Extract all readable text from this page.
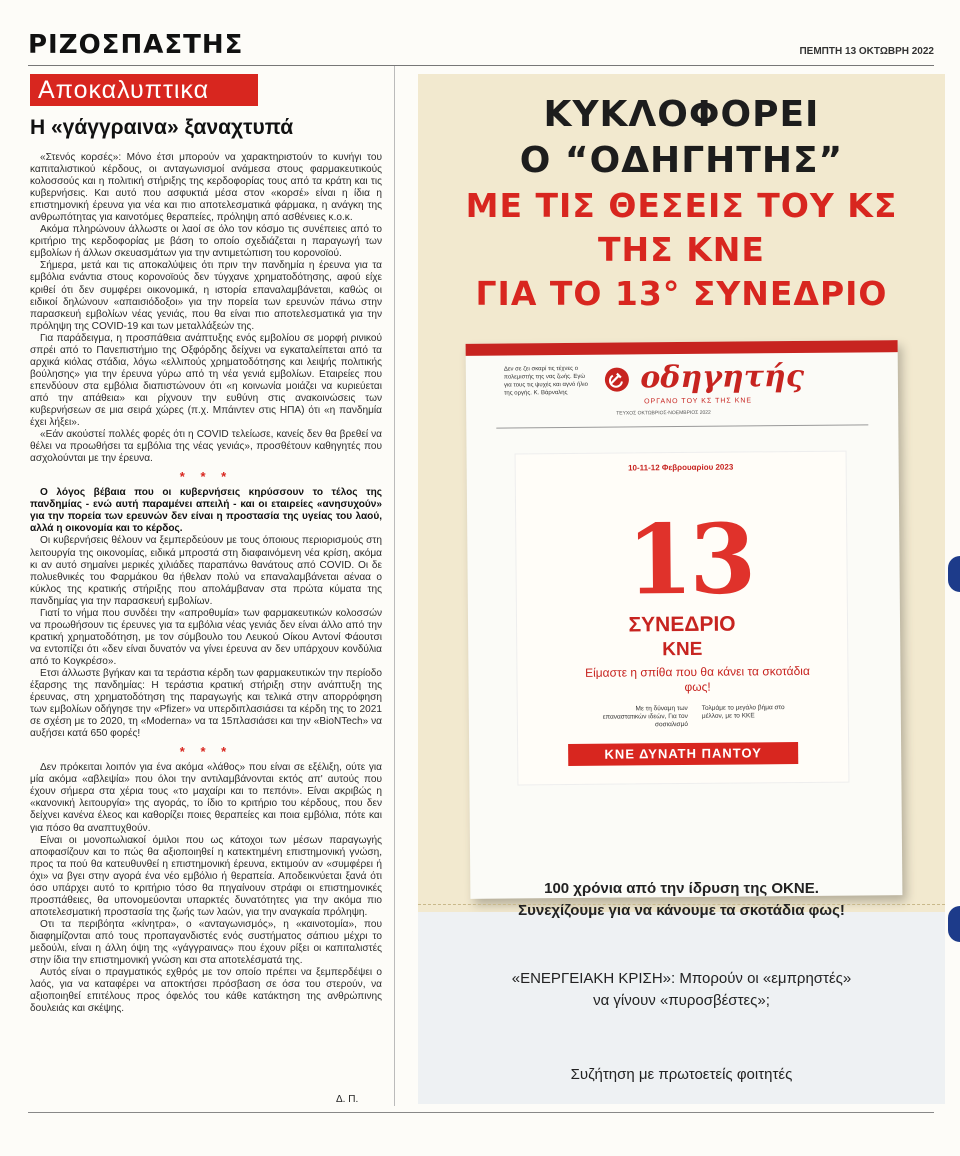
ΡΙΖΟΣΠΑΣΤΗΣ	ΠΕΜΠΤΗ 13 ΟΚΤΩΒΡΗ 2022
Αποκαλυπτικα
Η «γάγγραινα» ξαναχτυπά

«Στενός κορσές»: Μόνο έτσι μπορούν να χαρακτηριστούν το κυνήγι του καπιταλιστικού κέρδους, οι ανταγωνισμοί ανάμεσα στους φαρμακευτικούς κολοσσούς και η πολιτική στήριξης της κερδοφορίας τους από τα κράτη και τις κυβερνήσεις. Και αυτό που ασφυκτιά μέσα στον «κορσέ» είναι η ίδια η επιστημονική έρευνα για νέα και πιο αποτελεσματικά φάρμακα, η ανάγκη της ανθρωπότητας για καινοτόμες θεραπείες, πρόληψη από ασθένειες κ.ο.κ.

Ακόμα πληρώνουν άλλωστε οι λαοί σε όλο τον κόσμο τις συνέπειες από το κριτήριο της κερδοφορίας με βάση το οποίο σχεδιάζεται η παραγωγή των εμβολίων ή άλλων σκευασμάτων για την αντιμετώπιση του κορονοϊού.

Σήμερα, μετά και τις αποκαλύψεις ότι πριν την πανδημία η έρευνα για τα εμβόλια ενάντια στους κορονοϊούς δεν τύγχανε χρηματοδότησης, αφού είχε κριθεί ότι δεν συμφέρει οικονομικά, η ιστορία επαναλαμβάνεται, καθώς οι ειδικοί δηλώνουν «απαισιόδοξοι» για την πορεία των ερευνών πάνω στην παρασκευή εμβολίων νέας γενιάς, που θα είναι πιο αποτελεσματικά για την πρόληψη της COVID-19 και των μεταλλάξεών της.

Για παράδειγμα, η προσπάθεια ανάπτυξης ενός εμβολίου σε μορφή ρινικού σπρέι από το Πανεπιστήμιο της Οξφόρδης δείχνει να εγκαταλείπεται από τα αρχικά κιόλας στάδια, λόγω «ελλιπούς χρηματοδότησης και λειψής πολιτικής βούλησης» για την έρευνα γύρω από τη νέα γενιά εμβολίων. Εταιρείες που επενδύουν στα εμβόλια διαπιστώνουν ότι «η κοινωνία μοιάζει να κυριεύεται από την απάθεια» και ρίχνουν την ευθύνη στις ανακοινώσεις των κυβερνήσεων σε μια σειρά χώρες (π.χ. Μπάιντεν στις ΗΠΑ) ότι «η πανδημία έχει λήξει».

«Εάν ακούστεί πολλές φορές ότι η COVID τελείωσε, κανείς δεν θα βρεθεί να θέλει να προωθήσει τα εμβόλια της νέας γενιάς», προσθέτουν καθηγητές που ασχολούνται με την έρευνα.

* * *

Ο λόγος βέβαια που οι κυβερνήσεις κηρύσσουν το τέλος της πανδημίας - ενώ αυτή παραμένει απειλή - και οι εταιρείες «ανησυχούν» για την πορεία των ερευνών δεν είναι η προστασία της υγείας του λαού, αλλά η οικονομία και το κέρδος.

Οι κυβερνήσεις θέλουν να ξεμπερδεύουν με τους όποιους περιορισμούς στη λειτουργία της οικονομίας, ειδικά μπροστά στη διαφαινόμενη νέα κρίση, ακόμα κι αν αυτό σημαίνει μερικές χιλιάδες παραπάνω θανάτους από COVID. Οι δε πολυεθνικές του Φαρμάκου θα ήθελαν πολύ να επαναλαμβάνεται αέναα ο κύκλος της κρατικής στήριξης που απολάμβαναν στα πρώτα κύματα της πανδημίας για την παρασκευή εμβολίων.

Γιατί το νήμα που συνδέει την «απροθυμία» των φαρμακευτικών κολοσσών να προωθήσουν τις έρευνες για τα εμβόλια νέας γενιάς δεν είναι άλλο από την κρατική χρηματοδότηση, με τον σύμβουλο του Λευκού Οίκου Αντονί Φάουτσι να εντοπίζει ότι «δεν είναι δυνατόν να γίνει έρευνα αν δεν υπάρχουν κονδύλια από το Κογκρέσο».

Ετσι άλλωστε βγήκαν και τα τεράστια κέρδη των φαρμακευτικών την περίοδο έξαρσης της πανδημίας: Η τεράστια κρατική στήριξη στην ανάπτυξη της έρευνας, στη χρηματοδότηση της παραγωγής και τελικά στην απορρόφηση των εμβολίων οδήγησε την «Pfizer» να υπερδιπλασιάσει τα κέρδη της το 2021 σε σχέση με το 2020, τη «Moderna» να τα 15πλασιάσει και την «BioNTech» να αυξήσει κατά 650 φορές!

* * *

Δεν πρόκειται λοιπόν για ένα ακόμα «λάθος» που είναι σε εξέλιξη, ούτε για μία ακόμα «αβλεψία» που όλοι την αντιλαμβάνονται εκτός απ' αυτούς που έχουν σήμερα στα χέρια τους «το μαχαίρι και το πεπόνι». Είναι ακριβώς η «κανονική λειτουργία» της αγοράς, το ίδιο το κριτήριο του κέρδους, που δεν δείχνει κανένα έλεος και καθορίζει ποιες θεραπείες και ποια εμβόλια, πότε και για πόσο θα αναπτυχθούν.

Είναι οι μονοπωλιακοί όμιλοι που ως κάτοχοι των μέσων παραγωγής αποφασίζουν και το πώς θα αξιοποιηθεί η κατεκτημένη επιστημονική γνώση, προς τα πού θα κατευθυνθεί η επιστημονική έρευνα, εκτιμούν αν «συμφέρει ή όχι» να βγει στην αγορά ένα νέο εμβόλιο ή θεραπεία. Αποδεικνύεται ξανά ότι όσο υπάρχει αυτό το κριτήριο τόσο θα πηγαίνουν στράφι οι επιστημονικές προσπάθειες, θα υπονομεύονται υπαρκτές δυνατότητες για την ακόμα πιο αποτελεσματική προστασία της ζωής των λαών, για την αναγκαία πρόληψη.

Οτι τα περιβόητα «κίνητρα», ο «ανταγωνισμός», η «καινοτομία», που διαφημίζονται από τους προπαγανδιστές ενός συστήματος σάπιου μέχρι το μεδούλι, είναι η άλλη όψη της «γάγγραινας» που έχουν ρίξει οι καπιταλιστές στην ίδια την επιστημονική γνώση και στα αποτελέσματά της.

Αυτός είναι ο πραγματικός εχθρός με τον οποίο πρέπει να ξεμπερδέψει ο λαός, για να καταφέρει να αποκτήσει πρόσβαση σε όσα του στερούν, να αξιοποιηθεί επιτέλους προς όφελός του κάθε κατάκτηση της ανθρώπινης δουλειάς και σκέψης.

Δ. Π.
ΚΥΚΛΟΦΟΡΕΙ
Ο “ΟΔΗΓΗΤΗΣ”
ΜΕ ΤΙΣ ΘΕΣΕΙΣ ΤΟΥ ΚΣ
ΤΗΣ ΚΝΕ
ΓΙΑ ΤΟ 13° ΣΥΝΕΔΡΙΟ
Δεν σε ζει σκαρί τις τέχνες ο πολεμιστής της νας ζωής. Εγώ για τους τις ψυχές και αγνό ήλιο της οργής. Κ. Βάρναλης	οδηγητής
ΟΡΓΑΝΟ ΤΟΥ ΚΣ ΤΗΣ ΚΝΕ
ΤΕΥΧΟΣ ΟΚΤΩΒΡΙΟΣ-ΝΟΕΜΒΡΙΟΣ 2022
10-11-12 Φεβρουαρίου 2023
13
ΣΥΝΕΔΡΙΟ
ΚΝΕ
Είμαστε η σπίθα που θα κάνει τα σκοτάδια φως!
Με τη δύναμη των επαναστατικών ιδεών, Για τον σοσιαλισμό
Τολμάμε το μεγάλο βήμα στο μέλλον, με το ΚΚΕ
ΚΝΕ ΔΥΝΑΤΗ ΠΑΝΤΟΥ
100 χρόνια από την ίδρυση της ΟΚΝΕ.
Συνεχίζουμε για να κάνουμε τα σκοτάδια φως!
«ΕΝΕΡΓΕΙΑΚΗ ΚΡΙΣΗ»: Μπορούν οι «εμπρηστές»
να γίνουν «πυροσβέστες»;
Συζήτηση με πρωτοετείς φοιτητές
